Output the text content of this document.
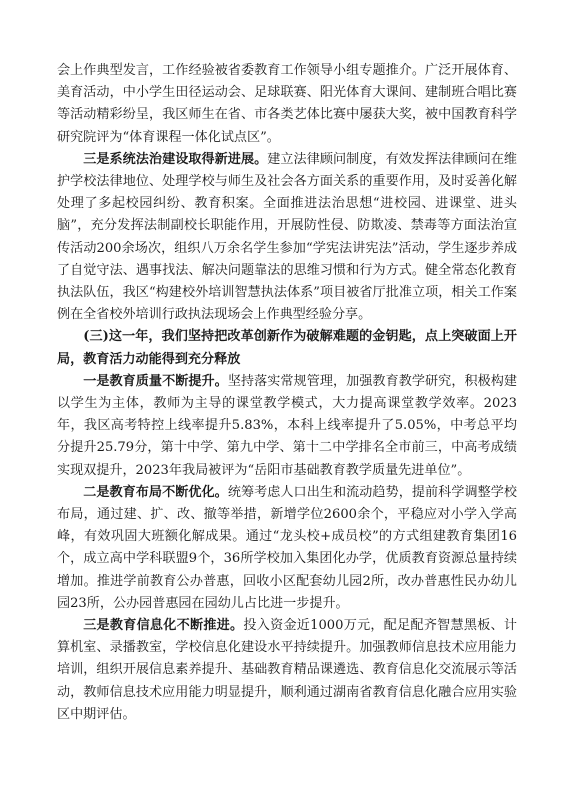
会上作典型发言，工作经验被省委教育工作领导小组专题推介。广泛开展体育、美育活动，中小学生田径运动会、足球联赛、阳光体育大课间、建制班合唱比赛等活动精彩纷呈，我区师生在省、市各类艺体比赛中屡获大奖，被中国教育科学研究院评为“体育课程一体化试点区”。

三是系统法治建设取得新进展。建立法律顾问制度，有效发挥法律顾问在维护学校法律地位、处理学校与师生及社会各方面关系的重要作用，及时妥善化解处理了多起校园纠纷、教育积案。全面推进法治思想“进校园、进课堂、进头脑”，充分发挥法制副校长职能作用，开展防性侵、防欺凌、禁毒等方面法治宣传活动200余场次，组织八万余名学生参加“学宪法讲宪法”活动，学生逐步养成了自觉守法、遇事找法、解决问题靠法的思维习惯和行为方式。健全常态化教育执法队伍，我区“构建校外培训智慧执法体系”项目被省厅批准立项，相关工作案例在全省校外培训行政执法现场会上作典型经验分享。

(三)这一年，我们坚持把改革创新作为破解难题的金钥匙，点上突破面上开局，教育活力动能得到充分释放

一是教育质量不断提升。坚持落实常规管理，加强教育教学研究，积极构建以学生为主体，教师为主导的课堂教学模式，大力提高课堂教学效率。2023年，我区高考特控上线率提升5.83%，本科上线率提升了5.05%，中考总平均分提升25.79分，第十中学、第九中学、第十二中学排名全市前三，中高考成绩实现双提升，2023年我局被评为“岳阳市基础教育教学质量先进单位”。

二是教育布局不断优化。统筹考虑人口出生和流动趋势，提前科学调整学校布局，通过建、扩、改、撤等举措，新增学位2600余个，平稳应对小学入学高峰，有效巩固大班额化解成果。通过“龙头校+成员校”的方式组建教育集团16个，成立高中学科联盟9个，36所学校加入集团化办学，优质教育资源总量持续增加。推进学前教育公办普惠，回收小区配套幼儿园2所，改办普惠性民办幼儿园23所，公办园普惠园在园幼儿占比进一步提升。

三是教育信息化不断推进。投入资金近1000万元，配足配齐智慧黑板、计算机室、录播教室，学校信息化建设水平持续提升。加强教师信息技术应用能力培训，组织开展信息素养提升、基础教育精品课遴选、教育信息化交流展示等活动，教师信息技术应用能力明显提升，顺利通过湖南省教育信息化融合应用实验区中期评估。
